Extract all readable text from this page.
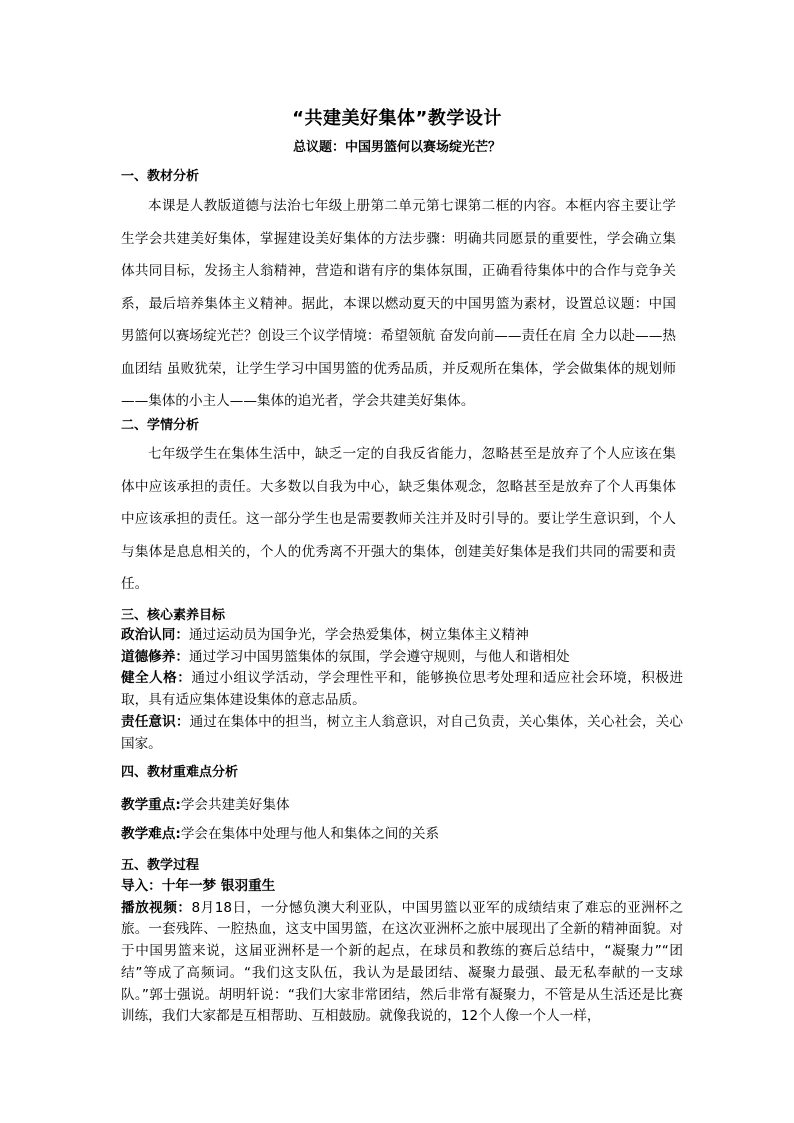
“共建美好集体”教学设计
总议题：中国男篮何以赛场绽光芒？
一、教材分析
本课是人教版道德与法治七年级上册第二单元第七课第二框的内容。本框内容主要让学生学会共建美好集体，掌握建设美好集体的方法步骤：明确共同愿景的重要性，学会确立集体共同目标，发扬主人翁精神，营造和谐有序的集体氛围，正确看待集体中的合作与竞争关系，最后培养集体主义精神。据此，本课以燃动夏天的中国男篮为素材，设置总议题：中国男篮何以赛场绽光芒？创设三个议学情境：希望领航 奋发向前——责任在肩 全力以赴——热血团结 虽败犹荣，让学生学习中国男篮的优秀品质，并反观所在集体，学会做集体的规划师——集体的小主人——集体的追光者，学会共建美好集体。
二、学情分析
七年级学生在集体生活中，缺乏一定的自我反省能力，忽略甚至是放弃了个人应该在集体中应该承担的责任。大多数以自我为中心，缺乏集体观念，忽略甚至是放弃了个人再集体中应该承担的责任。这一部分学生也是需要教师关注并及时引导的。要让学生意识到，个人与集体是息息相关的，个人的优秀离不开强大的集体，创建美好集体是我们共同的需要和责任。
三、核心素养目标
政治认同：通过运动员为国争光，学会热爱集体，树立集体主义精神
道德修养：通过学习中国男篮集体的氛围，学会遵守规则，与他人和谐相处
健全人格：通过小组议学活动，学会理性平和，能够换位思考处理和适应社会环境，积极进取，具有适应集体建设集体的意志品质。
责任意识：通过在集体中的担当，树立主人翁意识，对自己负责，关心集体，关心社会，关心国家。
四、教材重难点分析
教学重点:学会共建美好集体
教学难点:学会在集体中处理与他人和集体之间的关系
五、教学过程
导入：十年一梦 银羽重生
播放视频：8月18日，一分憾负澳大利亚队，中国男篮以亚军的成绩结束了难忘的亚洲杯之旅。一套残阵、一腔热血，这支中国男篮，在这次亚洲杯之旅中展现出了全新的精神面貌。对于中国男篮来说，这届亚洲杯是一个新的起点，在球员和教练的赛后总结中，“凝聚力”“团结”等成了高频词。“我们这支队伍，我认为是最团结、凝聚力最强、最无私奉献的一支球队。”郭士强说。胡明轩说：“我们大家非常团结，然后非常有凝聚力，不管是从生活还是比赛训练，我们大家都是互相帮助、互相鼓励。就像我说的，12个人像一个人一样，
